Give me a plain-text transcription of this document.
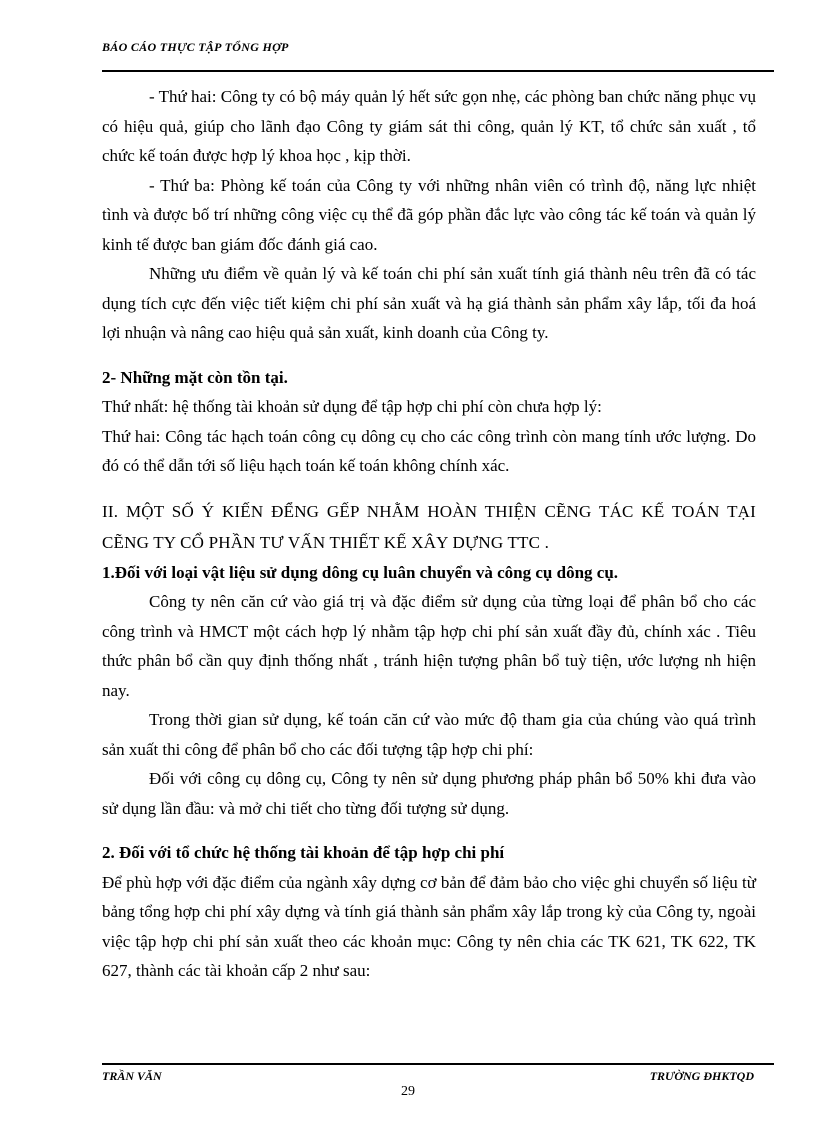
BÁO CÁO THỰC TẬP TỔNG HỢP

- Thứ hai: Công ty có bộ máy quản lý hết sức gọn nhẹ, các phòng ban chức năng phục vụ có hiệu quả, giúp cho lãnh đạo Công ty giám sát thi công, quản lý KT, tổ chức sản xuất , tổ chức kế toán được hợp lý khoa học , kịp thời.

- Thứ ba: Phòng kế toán của Công ty với những nhân viên có trình độ, năng lực nhiệt tình và được bố trí những công việc cụ thể đã góp phần đắc lực vào công tác kế toán và quản lý kinh tế được ban giám đốc đánh giá cao.

Những ưu điểm về quản lý và kế toán chi phí sản xuất tính giá thành nêu trên đã có tác dụng tích cực đến việc tiết kiệm chi phí sản xuất và hạ giá thành sản phẩm xây lắp, tối đa hoá lợi nhuận và nâng cao hiệu quả sản xuất, kinh doanh của Công ty.

2- Những mặt còn tồn tại.

Thứ nhất: hệ thống tài khoản sử dụng để tập hợp chi phí còn chưa hợp lý:

Thứ hai: Công tác hạch toán công cụ dông cụ cho các công trình còn mang tính ước lượng. Do đó có thể dẫn tới số liệu hạch toán kế toán không chính xác.

II. MỘT SỐ Ý KIẾN ĐỂNG GẾP NHẰM HOÀN THIỆN CẼNG TÁC KẾ TOÁN TẠI CẼNG TY CỔ PHẦN TƯ VẤN THIẾT KẾ XÂY DỰNG TTC .

1.Đối với loại vật liệu sử dụng dông cụ luân chuyển và công cụ dông cụ.

Công ty nên căn cứ vào giá trị và đặc điểm sử dụng của từng loại để phân bổ cho các công trình và HMCT một cách hợp lý nhằm tập hợp chi phí sản xuất đầy đủ, chính xác . Tiêu thức phân bổ cần quy định thống nhất , tránh hiện tượng phân bổ tuỳ tiện, ước lượng nh hiện nay.

Trong thời gian sử dụng, kế toán căn cứ vào mức độ tham gia của chúng vào quá trình sản xuất thi công để phân bổ cho các đối tượng tập hợp chi phí:

Đối với công cụ dông cụ, Công ty nên sử dụng phương pháp phân bổ 50% khi đưa vào sử dụng lần đầu: và mở chi tiết cho từng đối tượng sử dụng.

2. Đối với tổ chức hệ thống tài khoản để tập hợp chi phí

Để phù hợp với đặc điểm của ngành xây dựng cơ bản để đảm bảo cho việc ghi chuyển số liệu từ bảng tổng hợp chi phí xây dựng và tính giá thành sản phẩm xây lắp trong kỳ của Công ty, ngoài việc tập hợp chi phí sản xuất theo các khoản mục: Công ty nên chia các TK 621, TK 622, TK 627, thành các tài khoản cấp 2 như sau:

TRẦN VĂN	TRƯỜNG ĐHKTQD
29
